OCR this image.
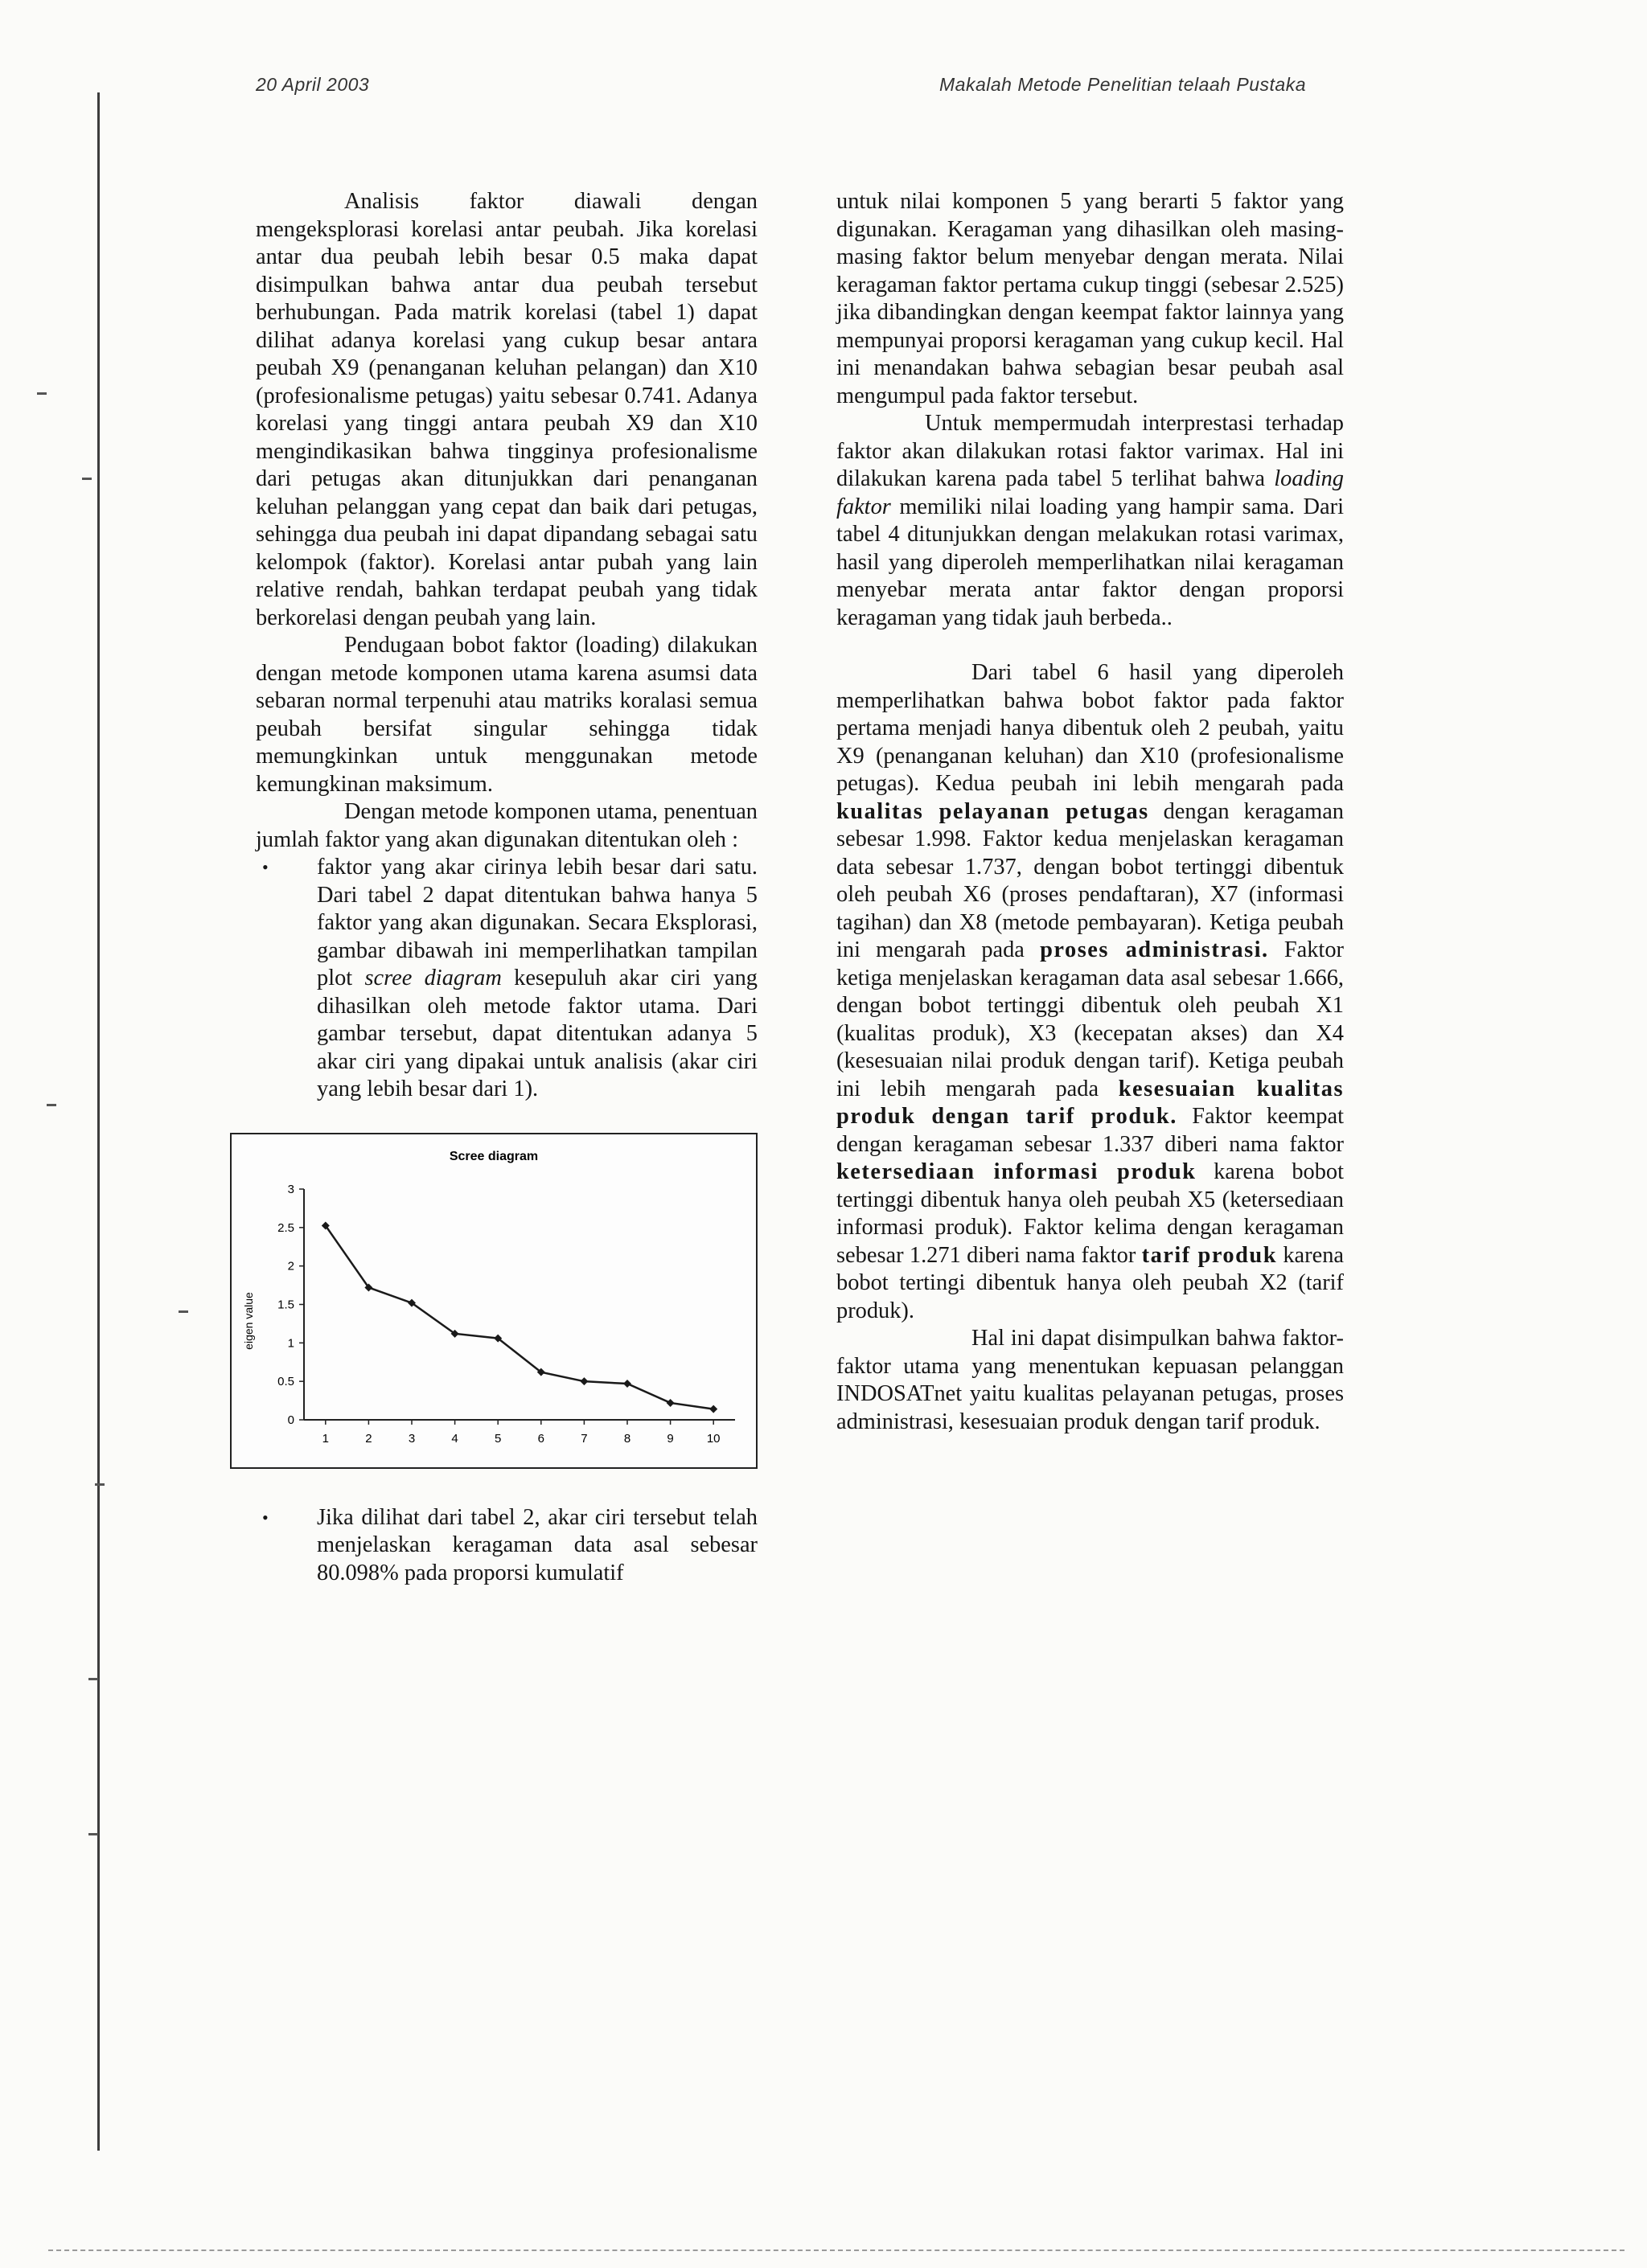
20 April 2003	Makalah Metode Penelitian telaah Pustaka

Analisis faktor diawali dengan mengeksplorasi korelasi antar peubah. Jika korelasi antar dua peubah lebih besar 0.5 maka dapat disimpulkan bahwa antar dua peubah tersebut berhubungan. Pada matrik korelasi (tabel 1) dapat dilihat adanya korelasi yang cukup besar antara peubah X9 (penanganan keluhan pelangan) dan X10 (profesionalisme petugas) yaitu sebesar 0.741. Adanya korelasi yang tinggi antara peubah X9 dan X10 mengindikasikan bahwa tingginya profesionalisme dari petugas akan ditunjukkan dari penanganan keluhan pelanggan yang cepat dan baik dari petugas, sehingga dua peubah ini dapat dipandang sebagai satu kelompok (faktor). Korelasi antar pubah yang lain relative rendah, bahkan terdapat peubah yang tidak berkorelasi dengan peubah yang lain.

Pendugaan bobot faktor (loading) dilakukan dengan metode komponen utama karena asumsi data sebaran normal terpenuhi atau matriks koralasi semua peubah bersifat singular sehingga tidak memungkinkan untuk menggunakan metode kemungkinan maksimum.

Dengan metode komponen utama, penentuan jumlah faktor yang akan digunakan ditentukan oleh :

•	faktor yang akar cirinya lebih besar dari satu. Dari tabel 2 dapat ditentukan bahwa hanya 5 faktor yang akan digunakan. Secara Eksplorasi, gambar dibawah ini memperlihatkan tampilan plot scree diagram kesepuluh akar ciri yang dihasilkan oleh metode faktor utama. Dari gambar tersebut, dapat ditentukan adanya 5 akar ciri yang dipakai untuk analisis (akar ciri yang lebih besar dari 1).
Scree diagram
eigen value
0
0.5
1
1.5
2
2.5
3
1	2	3	4	5	6	7	8	9	10
•	Jika dilihat dari tabel 2, akar ciri tersebut telah menjelaskan keragaman data asal sebesar 80.098% pada proporsi kumulatif

untuk nilai komponen 5 yang berarti 5 faktor yang digunakan. Keragaman yang dihasilkan oleh masing-masing faktor belum menyebar dengan merata. Nilai keragaman faktor pertama cukup tinggi (sebesar 2.525) jika dibandingkan dengan keempat faktor lainnya yang mempunyai proporsi keragaman yang cukup kecil. Hal ini menandakan bahwa sebagian besar peubah asal mengumpul pada faktor tersebut.

Untuk mempermudah interprestasi terhadap faktor akan dilakukan rotasi faktor varimax. Hal ini dilakukan karena pada tabel 5 terlihat bahwa loading faktor memiliki nilai loading yang hampir sama. Dari tabel 4 ditunjukkan dengan melakukan rotasi varimax, hasil yang diperoleh memperlihatkan nilai keragaman menyebar merata antar faktor dengan proporsi keragaman yang tidak jauh berbeda..

Dari tabel 6 hasil yang diperoleh memperlihatkan bahwa bobot faktor pada faktor pertama menjadi hanya dibentuk oleh 2 peubah, yaitu X9 (penanganan keluhan) dan X10 (profesionalisme petugas). Kedua peubah ini lebih mengarah pada kualitas pelayanan petugas dengan keragaman sebesar 1.998. Faktor kedua menjelaskan keragaman data sebesar 1.737, dengan bobot tertinggi dibentuk oleh peubah X6 (proses pendaftaran), X7 (informasi tagihan) dan X8 (metode pembayaran). Ketiga peubah ini mengarah pada proses administrasi. Faktor ketiga menjelaskan keragaman data asal sebesar 1.666, dengan bobot tertinggi dibentuk oleh peubah X1 (kualitas produk), X3 (kecepatan akses) dan X4 (kesesuaian nilai produk dengan tarif). Ketiga peubah ini lebih mengarah pada kesesuaian kualitas produk dengan tarif produk. Faktor keempat dengan keragaman sebesar 1.337 diberi nama faktor ketersediaan informasi produk karena bobot tertinggi dibentuk hanya oleh peubah X5 (ketersediaan informasi produk). Faktor kelima dengan keragaman sebesar 1.271 diberi nama faktor tarif produk karena bobot tertingi dibentuk hanya oleh peubah X2 (tarif produk).

Hal ini dapat disimpulkan bahwa faktor-faktor utama yang menentukan kepuasan pelanggan INDOSATnet yaitu kualitas pelayanan petugas, proses administrasi, kesesuaian produk dengan tarif produk.
